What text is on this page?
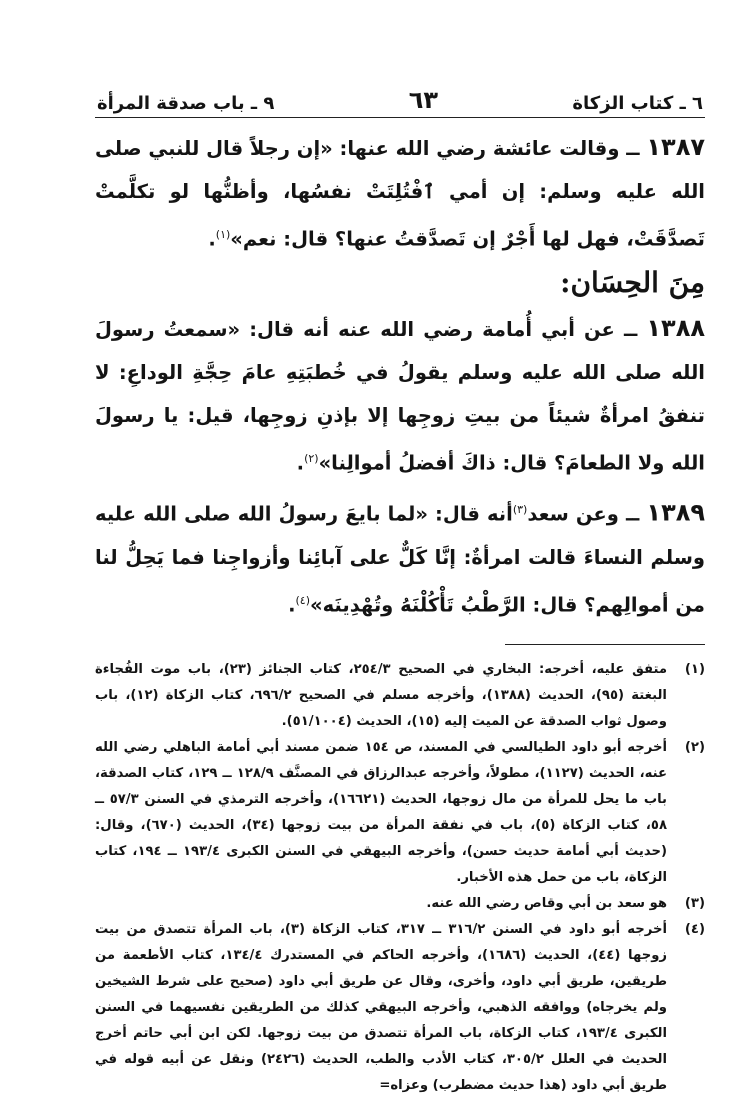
٦ ـ كتاب الزكاة
٦٣
٩ ـ باب صدقة المرأة

١٣٨٧ ــ وقالت عائشة رضي الله عنها: «إن رجلاً قال للنبي صلى الله عليه وسلم: إن أمي ٱفْتُلِتَتْ نفسُها، وأظنُّها لو تكلَّمتْ تَصدَّقَتْ، فهل لها أَجْرٌ إن تَصدَّقتُ عنها؟ قال: نعم»$^{(١)}$.

مِنَ الحِسَان:

١٣٨٨ ــ عن أبي أُمامة رضي الله عنه أنه قال: «سمعتُ رسولَ الله صلى الله عليه وسلم يقولُ في خُطبَتِهِ عامَ حِجَّةِ الوداعِ: لا تنفقُ امرأةٌ شيئاً من بيتِ زوجِها إلا بإذنِ زوجِها، قيل: يا رسولَ الله ولا الطعامَ؟ قال: ذاكَ أفضلُ أموالِنا»$^{(٢)}$.

١٣٨٩ ــ وعن سعد$^{(٣)}$أنه قال: «لما بايعَ رسولُ الله صلى الله عليه وسلم النساءَ قالت امرأةٌ: إنَّا كَلٌّ على آبائِنا وأزواجِنا فما يَحِلُّ لنا من أموالِهم؟ قال: الرَّطْبُ تَأْكُلْنَهُ وتُهْدِينَه»$^{(٤)}$.

(١)
متفق عليه، أخرجه: البخاري في الصحيح ٢٥٤/٣، كتاب الجنائز (٢٣)، باب موت الفُجاءة البغتة (٩٥)، الحديث (١٣٨٨)، وأخرجه مسلم في الصحيح ٦٩٦/٢، كتاب الزكاة (١٢)، باب وصول ثواب الصدقة عن الميت إليه (١٥)، الحديث (٥١/١٠٠٤).
(٢)
أخرجه أبو داود الطيالسي في المسند، ص ١٥٤ ضمن مسند أبي أمامة الباهلي رضي الله عنه، الحديث (١١٢٧)، مطولاً، وأخرجه عبدالرزاق في المصنَّف ١٢٨/٩ ــ ١٢٩، كتاب الصدقة، باب ما يحل للمرأة من مال زوجها، الحديث (١٦٦٢١)، وأخرجه الترمذي في السنن ٥٧/٣ ــ ٥٨، كتاب الزكاة (٥)، باب في نفقة المرأة من بيت زوجها (٣٤)، الحديث (٦٧٠)، وقال: (حديث أبي أمامة حديث حسن)، وأخرجه البيهقي في السنن الكبرى ١٩٣/٤ ــ ١٩٤، كتاب الزكاة، باب من حمل هذه الأخبار.
(٣)
هو سعد بن أبي وقاص رضي الله عنه.
(٤)
أخرجه أبو داود في السنن ٣١٦/٢ ــ ٣١٧، كتاب الزكاة (٣)، باب المرأة تتصدق من بيت زوجها (٤٤)، الحديث (١٦٨٦)، وأخرجه الحاكم في المستدرك ١٣٤/٤، كتاب الأطعمة من طريقين، طريق أبي داود، وأخرى، وقال عن طريق أبي داود (صحيح على شرط الشيخين ولم يخرجاه) ووافقه الذهبي، وأخرجه البيهقي كذلك من الطريقين نفسيهما في السنن الكبرى ١٩٣/٤، كتاب الزكاة، باب المرأة تتصدق من بيت زوجها. لكن ابن أبي حاتم أخرج الحديث في العلل ٣٠٥/٢، كتاب الأدب والطب، الحديث (٢٤٢٦) ونقل عن أبيه قوله في طريق أبي داود (هذا حديث مضطرب) وعزاه=
